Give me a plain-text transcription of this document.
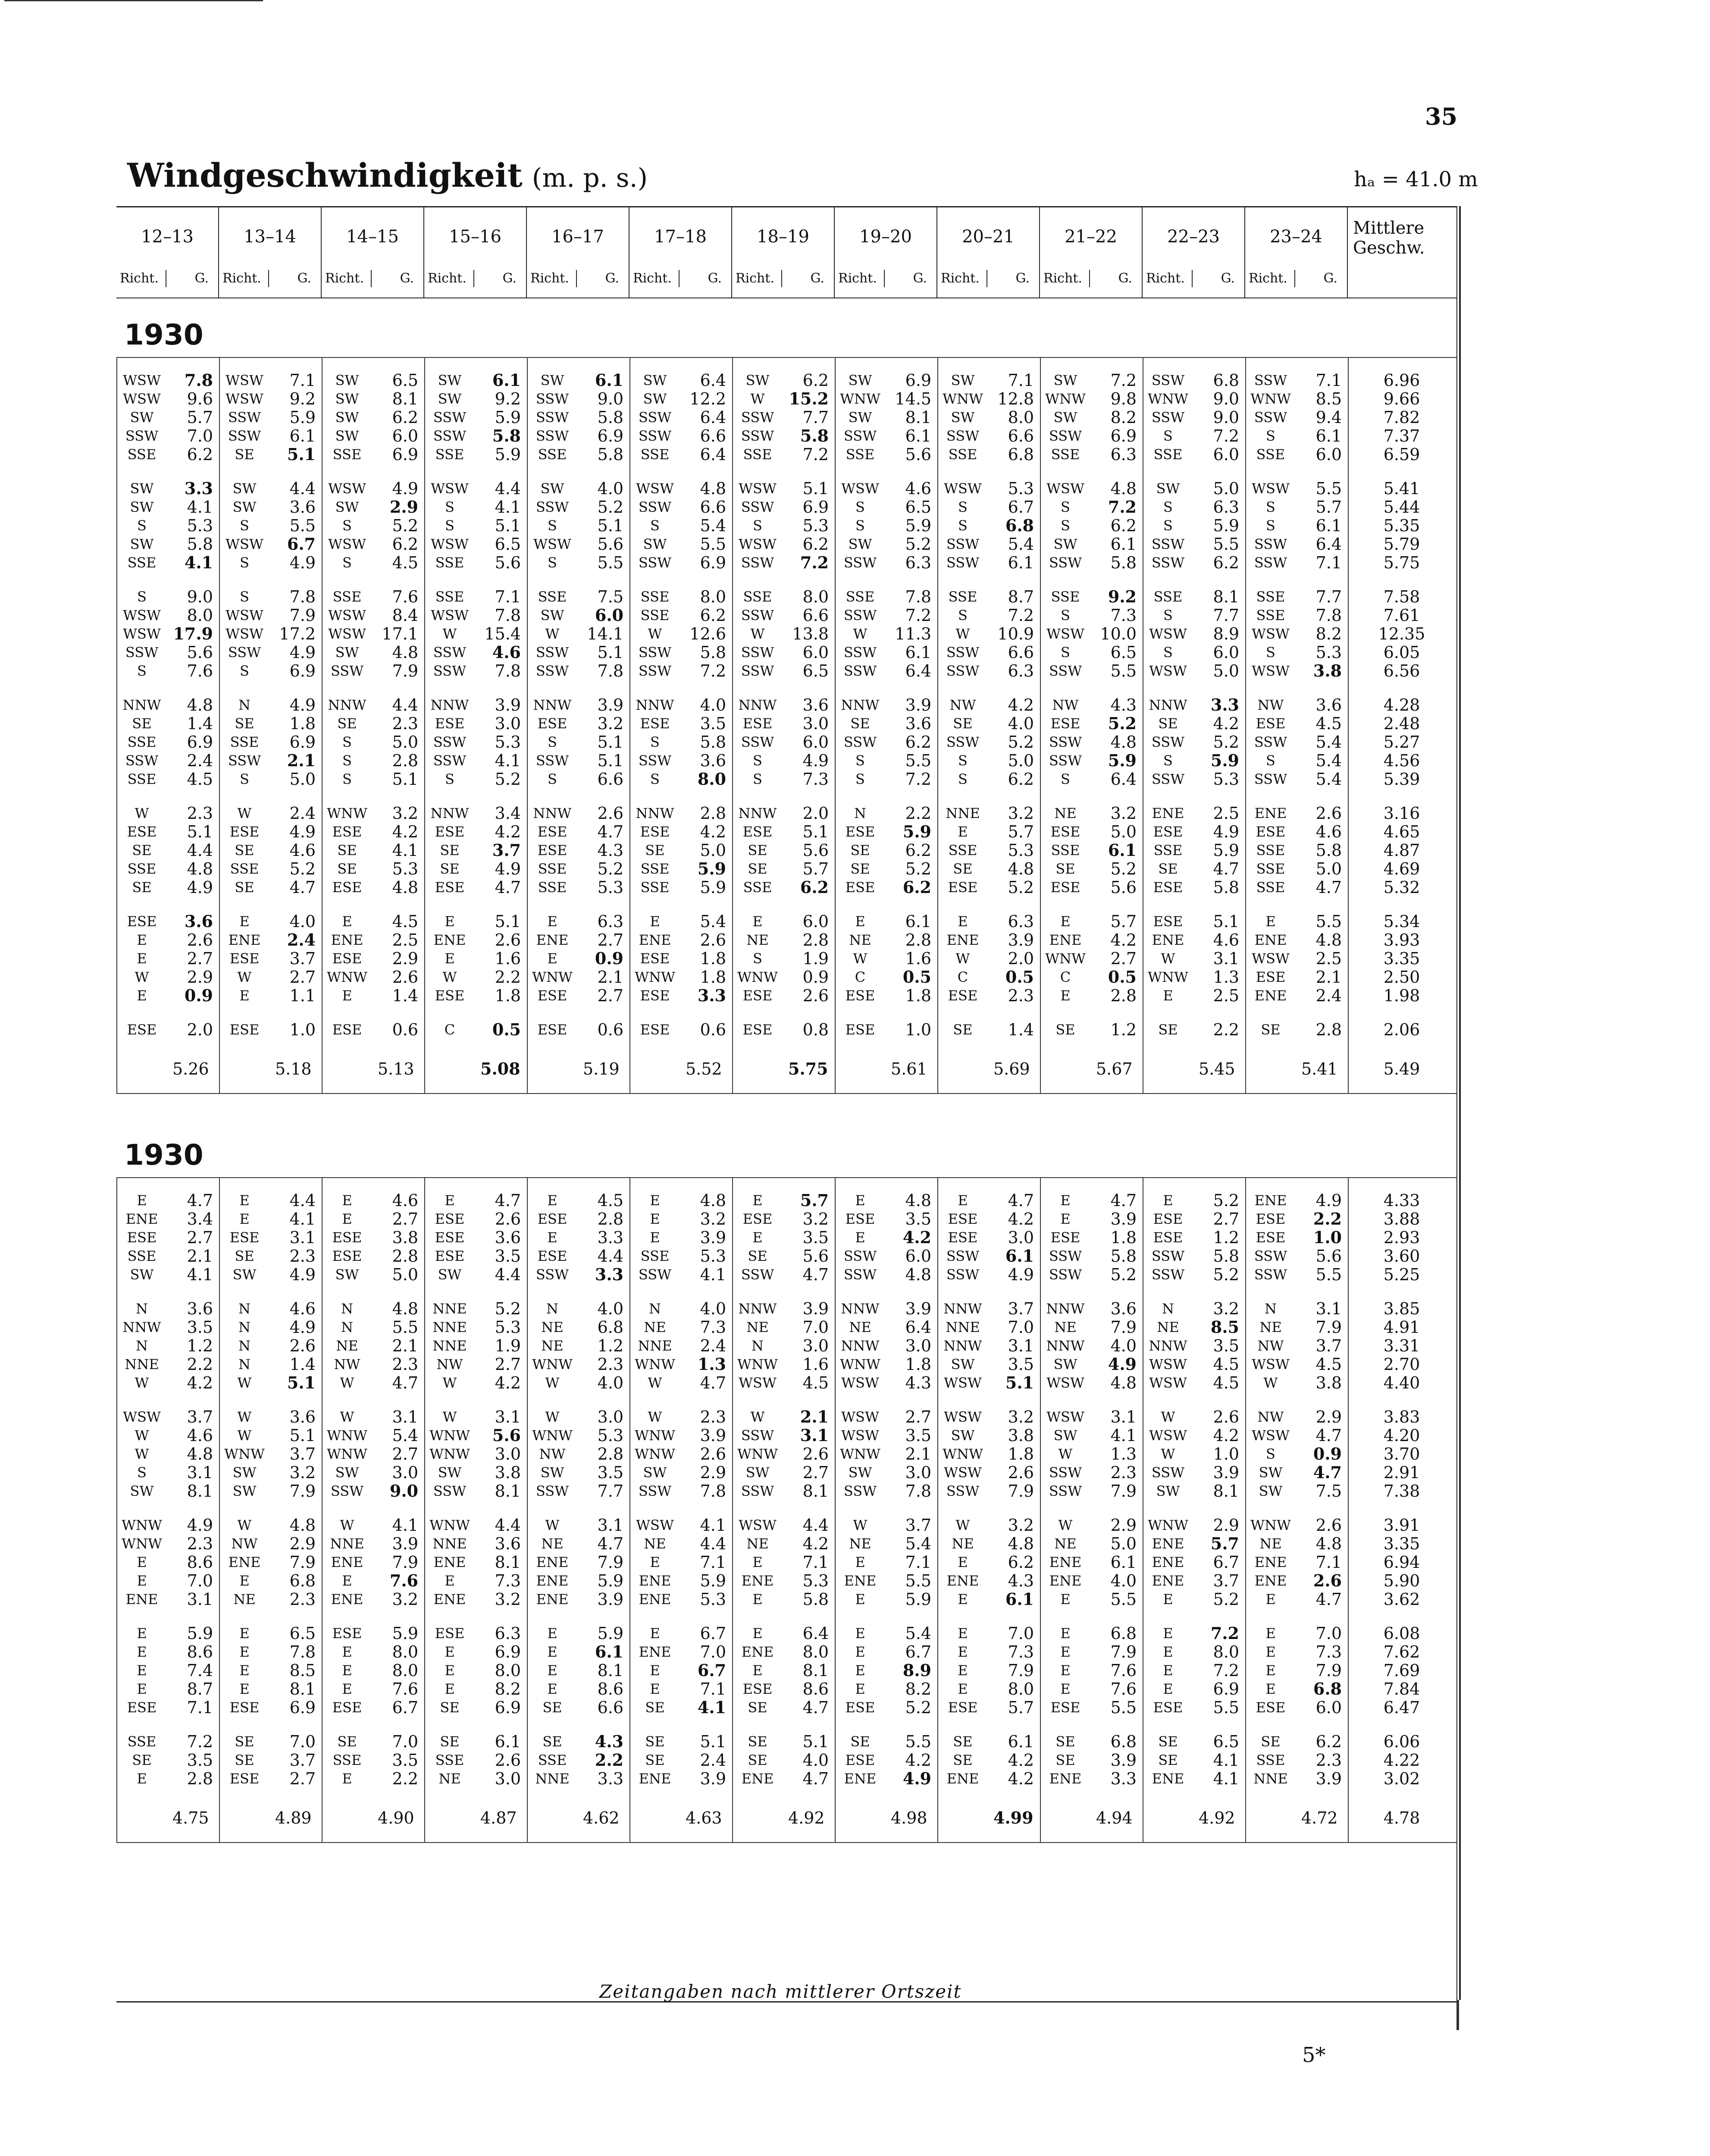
35
Windgeschwindigkeit (m. p. s.)	hₐ = 41.0 m
12–13
Richt.	G.
13–14
Richt.	G.
14–15
Richt.	G.
15–16
Richt.	G.
16–17
Richt.	G.
17–18
Richt.	G.
18–19
Richt.	G.
19–20
Richt.	G.
20–21
Richt.	G.
21–22
Richt.	G.
22–23
Richt.	G.
23–24
Richt.	G.
Mittlere
Geschw.
1930
WSW	7.8 WSW	7.1	SW	6.5	SW	6.1	SW	6.1	SW	6.4	SW	6.2	SW	6.9	SW	7.1	SW	7.2	SSW	6.8	SSW	7.1	6.96
WSW	9.6 WSW	9.2	SW	8.1	SW	9.2	SSW	9.0	SW	12.2	W	15.2 WNW 14.5 WNW 12.8 WNW	9.8 WNW	9.0 WNW	8.5	9.66
SW	5.7	SSW	5.9	SW	6.2	SSW	5.9	SSW	5.8	SSW	6.4	SSW	7.7	SW	8.1	SW	8.0	SW	8.2	SSW	9.0	SSW	9.4	7.82
SSW	7.0	SSW	6.1	SW	6.0	SSW	5.8	SSW	6.9	SSW	6.6	SSW	5.8	SSW	6.1	SSW	6.6	SSW	6.9	S	7.2	S	6.1	7.37
SSE	6.2	SE	5.1	SSE	6.9	SSE	5.9	SSE	5.8	SSE	6.4	SSE	7.2	SSE	5.6	SSE	6.8	SSE	6.3	SSE	6.0	SSE	6.0	6.59
SW	3.3	SW	4.4 WSW	4.9 WSW	4.4	SW	4.0 WSW	4.8 WSW	5.1 WSW	4.6 WSW	5.3 WSW	4.8	SW	5.0 WSW	5.5	5.41
SW	4.1	SW	3.6	SW	2.9	S	4.1	SSW	5.2	SSW	6.6	SSW	6.9	S	6.5	S	6.7	S	7.2	S	6.3	S	5.7	5.44
S	5.3	S	5.5	S	5.2	S	5.1	S	5.1	S	5.4	S	5.3	S	5.9	S	6.8	S	6.2	S	5.9	S	6.1	5.35
SW	5.8 WSW	6.7 WSW	6.2 WSW	6.5 WSW	5.6	SW	5.5 WSW	6.2	SW	5.2	SSW	5.4	SW	6.1	SSW	5.5	SSW	6.4	5.79
SSE	4.1	S	4.9	S	4.5	SSE	5.6	S	5.5	SSW	6.9	SSW	7.2	SSW	6.3	SSW	6.1	SSW	5.8	SSW	6.2	SSW	7.1	5.75
S	9.0	S	7.8	SSE	7.6	SSE	7.1	SSE	7.5	SSE	8.0	SSE	8.0	SSE	7.8	SSE	8.7	SSE	9.2	SSE	8.1	SSE	7.7	7.58
WSW	8.0 WSW	7.9 WSW	8.4 WSW	7.8	SW	6.0	SSE	6.2	SSW	6.6	SSW	7.2	S	7.2	S	7.3	S	7.7	SSE	7.8	7.61
WSW 17.9 WSW 17.2 WSW 17.1	W	15.4	W	14.1	W	12.6	W	13.8	W	11.3	W	10.9 WSW 10.0 WSW	8.9 WSW	8.2	12.35
SSW	5.6	SSW	4.9	SW	4.8	SSW	4.6	SSW	5.1	SSW	5.8	SSW	6.0	SSW	6.1	SSW	6.6	S	6.5	S	6.0	S	5.3	6.05
S	7.6	S	6.9	SSW	7.9	SSW	7.8	SSW	7.8	SSW	7.2	SSW	6.5	SSW	6.4	SSW	6.3	SSW	5.5 WSW	5.0 WSW	3.8	6.56
NNW	4.8	N	4.9 NNW	4.4 NNW	3.9 NNW	3.9 NNW	4.0 NNW	3.6 NNW	3.9	NW	4.2	NW	4.3 NNW	3.3	NW	3.6	4.28
SE	1.4	SE	1.8	SE	2.3	ESE	3.0	ESE	3.2	ESE	3.5	ESE	3.0	SE	3.6	SE	4.0	ESE	5.2	SE	4.2	ESE	4.5	2.48
SSE	6.9	SSE	6.9	S	5.0	SSW	5.3	S	5.1	S	5.8	SSW	6.0	SSW	6.2	SSW	5.2	SSW	4.8	SSW	5.2	SSW	5.4	5.27
SSW	2.4	SSW	2.1	S	2.8	SSW	4.1	SSW	5.1	SSW	3.6	S	4.9	S	5.5	S	5.0	SSW	5.9	S	5.9	S	5.4	4.56
SSE	4.5	S	5.0	S	5.1	S	5.2	S	6.6	S	8.0	S	7.3	S	7.2	S	6.2	S	6.4	SSW	5.3	SSW	5.4	5.39
W	2.3	W	2.4 WNW	3.2 NNW	3.4 NNW	2.6 NNW	2.8 NNW	2.0	N	2.2	NNE	3.2	NE	3.2	ENE	2.5	ENE	2.6	3.16
ESE	5.1	ESE	4.9	ESE	4.2	ESE	4.2	ESE	4.7	ESE	4.2	ESE	5.1	ESE	5.9	E	5.7	ESE	5.0	ESE	4.9	ESE	4.6	4.65
SE	4.4	SE	4.6	SE	4.1	SE	3.7	ESE	4.3	SE	5.0	SE	5.6	SE	6.2	SSE	5.3	SSE	6.1	SSE	5.9	SSE	5.8	4.87
SSE	4.8	SSE	5.2	SE	5.3	SE	4.9	SSE	5.2	SSE	5.9	SE	5.7	SE	5.2	SE	4.8	SE	5.2	SE	4.7	SSE	5.0	4.69
SE	4.9	SE	4.7	ESE	4.8	ESE	4.7	SSE	5.3	SSE	5.9	SSE	6.2	ESE	6.2	ESE	5.2	ESE	5.6	ESE	5.8	SSE	4.7	5.32
ESE	3.6	E	4.0	E	4.5	E	5.1	E	6.3	E	5.4	E	6.0	E	6.1	E	6.3	E	5.7	ESE	5.1	E	5.5	5.34
E	2.6	ENE	2.4	ENE	2.5	ENE	2.6	ENE	2.7	ENE	2.6	NE	2.8	NE	2.8	ENE	3.9	ENE	4.2	ENE	4.6	ENE	4.8	3.93
E	2.7	ESE	3.7	ESE	2.9	E	1.6	E	0.9	ESE	1.8	S	1.9	W	1.6	W	2.0 WNW	2.7	W	3.1 WSW	2.5	3.35
W	2.9	W	2.7 WNW	2.6	W	2.2 WNW	2.1 WNW	1.8 WNW	0.9	C	0.5	C	0.5	C	0.5 WNW	1.3	ESE	2.1	2.50
E	0.9	E	1.1	E	1.4	ESE	1.8	ESE	2.7	ESE	3.3	ESE	2.6	ESE	1.8	ESE	2.3	E	2.8	E	2.5	ENE	2.4	1.98
ESE	2.0	ESE	1.0	ESE	0.6	C	0.5	ESE	0.6	ESE	0.6	ESE	0.8	ESE	1.0	SE	1.4	SE	1.2	SE	2.2	SE	2.8	2.06
5.26	5.18	5.13	5.08	5.19	5.52	5.75	5.61	5.69	5.67	5.45	5.41	5.49
1930
E	4.7	E	4.4	E	4.6	E	4.7	E	4.5	E	4.8	E	5.7	E	4.8	E	4.7	E	4.7	E	5.2	ENE	4.9	4.33
ENE	3.4	E	4.1	E	2.7	ESE	2.6	ESE	2.8	E	3.2	ESE	3.2	ESE	3.5	ESE	4.2	E	3.9	ESE	2.7	ESE	2.2	3.88
ESE	2.7	ESE	3.1	ESE	3.8	ESE	3.6	E	3.3	E	3.9	E	3.5	E	4.2	ESE	3.0	ESE	1.8	ESE	1.2	ESE	1.0	2.93
SSE	2.1	SE	2.3	ESE	2.8	ESE	3.5	ESE	4.4	SSE	5.3	SE	5.6	SSW	6.0	SSW	6.1	SSW	5.8	SSW	5.8	SSW	5.6	3.60
SW	4.1	SW	4.9	SW	5.0	SW	4.4	SSW	3.3	SSW	4.1	SSW	4.7	SSW	4.8	SSW	4.9	SSW	5.2	SSW	5.2	SSW	5.5	5.25
N	3.6	N	4.6	N	4.8	NNE	5.2	N	4.0	N	4.0 NNW	3.9 NNW	3.9 NNW	3.7 NNW	3.6	N	3.2	N	3.1	3.85
NNW	3.5	N	4.9	N	5.5	NNE	5.3	NE	6.8	NE	7.3	NE	7.0	NE	6.4	NNE	7.0	NE	7.9	NE	8.5	NE	7.9	4.91
N	1.2	N	2.6	NE	2.1	NNE	1.9	NE	1.2	NNE	2.4	N	3.0 NNW	3.0 NNW	3.1 NNW	4.0 NNW	3.5	NW	3.7	3.31
NNE	2.2	N	1.4	NW	2.3	NW	2.7 WNW	2.3 WNW	1.3 WNW	1.6 WNW	1.8	SW	3.5	SW	4.9 WSW	4.5 WSW	4.5	2.70
W	4.2	W	5.1	W	4.7	W	4.2	W	4.0	W	4.7 WSW	4.5 WSW	4.3 WSW	5.1 WSW	4.8 WSW	4.5	W	3.8	4.40
WSW	3.7	W	3.6	W	3.1	W	3.1	W	3.0	W	2.3	W	2.1 WSW	2.7 WSW	3.2 WSW	3.1	W	2.6	NW	2.9	3.83
W	4.6	W	5.1 WNW	5.4 WNW	5.6 WNW	5.3 WNW	3.9	SSW	3.1 WSW	3.5	SW	3.8	SW	4.1 WSW	4.2 WSW	4.7	4.20
W	4.8 WNW	3.7 WNW	2.7 WNW	3.0	NW	2.8 WNW	2.6 WNW	2.6 WNW	2.1 WNW	1.8	W	1.3	W	1.0	S	0.9	3.70
S	3.1	SW	3.2	SW	3.0	SW	3.8	SW	3.5	SW	2.9	SW	2.7	SW	3.0 WSW	2.6	SSW	2.3	SSW	3.9	SW	4.7	2.91
SW	8.1	SW	7.9	SSW	9.0	SSW	8.1	SSW	7.7	SSW	7.8	SSW	8.1	SSW	7.8	SSW	7.9	SSW	7.9	SW	8.1	SW	7.5	7.38
WNW	4.9	W	4.8	W	4.1 WNW	4.4	W	3.1 WSW	4.1 WSW	4.4	W	3.7	W	3.2	W	2.9 WNW	2.9 WNW	2.6	3.91
WNW	2.3	NW	2.9	NNE	3.9	NNE	3.6	NE	4.7	NE	4.4	NE	4.2	NE	5.4	NE	4.8	NE	5.0	ENE	5.7	NE	4.8	3.35
E	8.6	ENE	7.9	ENE	7.9	ENE	8.1	ENE	7.9	E	7.1	E	7.1	E	7.1	E	6.2	ENE	6.1	ENE	6.7	ENE	7.1	6.94
E	7.0	E	6.8	E	7.6	E	7.3	ENE	5.9	ENE	5.9	ENE	5.3	ENE	5.5	ENE	4.3	ENE	4.0	ENE	3.7	ENE	2.6	5.90
ENE	3.1	NE	2.3	ENE	3.2	ENE	3.2	ENE	3.9	ENE	5.3	E	5.8	E	5.9	E	6.1	E	5.5	E	5.2	E	4.7	3.62
E	5.9	E	6.5	ESE	5.9	ESE	6.3	E	5.9	E	6.7	E	6.4	E	5.4	E	7.0	E	6.8	E	7.2	E	7.0	6.08
E	8.6	E	7.8	E	8.0	E	6.9	E	6.1	ENE	7.0	ENE	8.0	E	6.7	E	7.3	E	7.9	E	8.0	E	7.3	7.62
E	7.4	E	8.5	E	8.0	E	8.0	E	8.1	E	6.7	E	8.1	E	8.9	E	7.9	E	7.6	E	7.2	E	7.9	7.69
E	8.7	E	8.1	E	7.6	E	8.2	E	8.6	E	7.1	ESE	8.6	E	8.2	E	8.0	E	7.6	E	6.9	E	6.8	7.84
ESE	7.1	ESE	6.9	ESE	6.7	SE	6.9	SE	6.6	SE	4.1	SE	4.7	ESE	5.2	ESE	5.7	ESE	5.5	ESE	5.5	ESE	6.0	6.47
SSE	7.2	SE	7.0	SE	7.0	SE	6.1	SE	4.3	SE	5.1	SE	5.1	SE	5.5	SE	6.1	SE	6.8	SE	6.5	SE	6.2	6.06
SE	3.5	SE	3.7	SSE	3.5	SSE	2.6	SSE	2.2	SE	2.4	SE	4.0	ESE	4.2	SE	4.2	SE	3.9	SE	4.1	SSE	2.3	4.22
E	2.8	ESE	2.7	E	2.2	NE	3.0	NNE	3.3	ENE	3.9	ENE	4.7	ENE	4.9	ENE	4.2	ENE	3.3	ENE	4.1	NNE	3.9	3.02
4.75	4.89	4.90	4.87	4.62	4.63	4.92	4.98	4.99	4.94	4.92	4.72	4.78
Zeitangaben nach mittlerer Ortszeit
5*
